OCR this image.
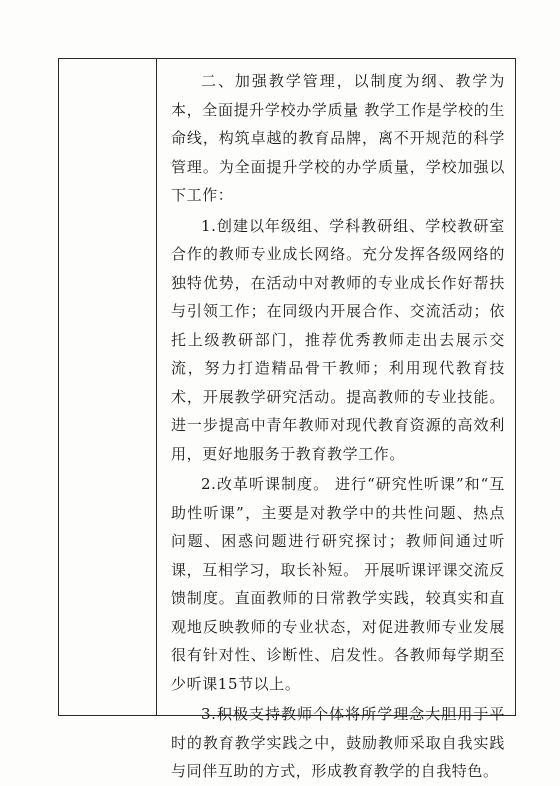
二、加强教学管理，以制度为纲、教学为本，全面提升学校办学质量 教学工作是学校的生命线，构筑卓越的教育品牌，离不开规范的科学管理。为全面提升学校的办学质量，学校加强以下工作：

1.创建以年级组、学科教研组、学校教研室合作的教师专业成长网络。充分发挥各级网络的独特优势，在活动中对教师的专业成长作好帮扶与引领工作；在同级内开展合作、交流活动；依托上级教研部门，推荐优秀教师走出去展示交流，努力打造精品骨干教师；利用现代教育技术，开展教学研究活动。提高教师的专业技能。进一步提高中青年教师对现代教育资源的高效利用，更好地服务于教育教学工作。

2.改革听课制度。 进行“研究性听课”和“互助性听课”，主要是对教学中的共性问题、热点问题、困惑问题进行研究探讨；教师间通过听课，互相学习，取长补短。 开展听课评课交流反馈制度。直面教师的日常教学实践，较真实和直观地反映教师的专业状态，对促进教师专业发展很有针对性、诊断性、启发性。各教师每学期至少听课15节以上。

3.积极支持教师个体将所学理念大胆用于平时的教育教学实践之中，鼓励教师采取自我实践与同伴互助的方式，形成教育教学的自我特色。
